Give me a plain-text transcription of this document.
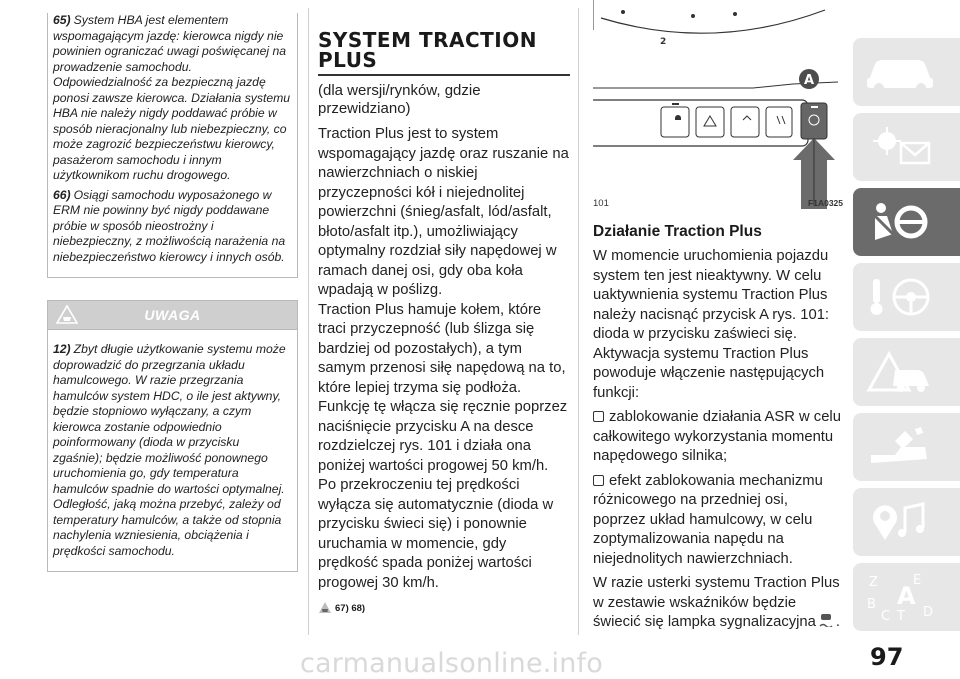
65) System HBA jest elementem wspomagającym jazdę: kierowca nigdy nie powinien ograniczać uwagi poświęcanej na prowadzenie samochodu. Odpowiedzialność za bezpieczną jazdę ponosi zawsze kierowca. Działania systemu HBA nie należy nigdy poddawać próbie w sposób nieracjonalny lub niebezpieczny, co może zagrozić bezpieczeństwu kierowcy, pasażerom samochodu i innym użytkownikom ruchu drogowego.

66) Osiągi samochodu wyposażonego w ERM nie powinny być nigdy poddawane próbie w sposób nieostrożny i niebezpieczny, z możliwością narażenia na niebezpieczeństwo kierowcy i innych osób.

UWAGA

12) Zbyt długie użytkowanie systemu może doprowadzić do przegrzania układu hamulcowego. W razie przegrzania hamulców system HDC, o ile jest aktywny, będzie stopniowo wyłączany, a czym kierowca zostanie odpowiednio poinformowany (dioda w przycisku zgaśnie); będzie możliwość ponownego uruchomienia go, gdy temperatura hamulców spadnie do wartości optymalnej. Odległość, jaką można przebyć, zależy od temperatury hamulców, a także od stopnia nachylenia wzniesienia, obciążenia i prędkości samochodu.

SYSTEM TRACTION PLUS

(dla wersji/rynków, gdzie przewidziano)

Traction Plus jest to system wspomagający jazdę oraz ruszanie na nawierzchniach o niskiej przyczepności kół i niejednolitej powierzchni (śnieg/asfalt, lód/asfalt, błoto/asfalt itp.), umożliwiający optymalny rozdział siły napędowej w ramach danej osi, gdy oba koła wpadają w poślizg.
Traction Plus hamuje kołem, które traci przyczepność (lub ślizga się bardziej od pozostałych), a tym samym przenosi siłę napędową na to, które lepiej trzyma się podłoża.
Funkcję tę włącza się ręcznie poprzez naciśnięcie przycisku A na desce rozdzielczej rys. 101 i działa ona poniżej wartości progowej 50 km/h. Po przekroczeniu tej prędkości wyłącza się automatycznie (dioda w przycisku świeci się) i ponownie uruchamia w momencie, gdy prędkość spada poniżej wartości progowej 30 km/h.

67) 68)
2
A
101	F1A0325
Działanie Traction Plus

W momencie uruchomienia pojazdu system ten jest nieaktywny. W celu uaktywnienia systemu Traction Plus należy nacisnąć przycisk A rys. 101: dioda w przycisku zaświeci się.
Aktywacja systemu Traction Plus powoduje włączenie następujących funkcji:

zablokowanie działania ASR w celu całkowitego wykorzystania momentu napędowego silnika;

efekt zablokowania mechanizmu różnicowego na przedniej osi, poprzez układ hamulcowy, w celu zoptymalizowania napędu na niejednolitych nawierzchniach.

W razie usterki systemu Traction Plus w zestawie wskaźników będzie świecić się lampka sygnalizacyjna .

Z	E
A
B
C T D
carmanualsonline.info	97
